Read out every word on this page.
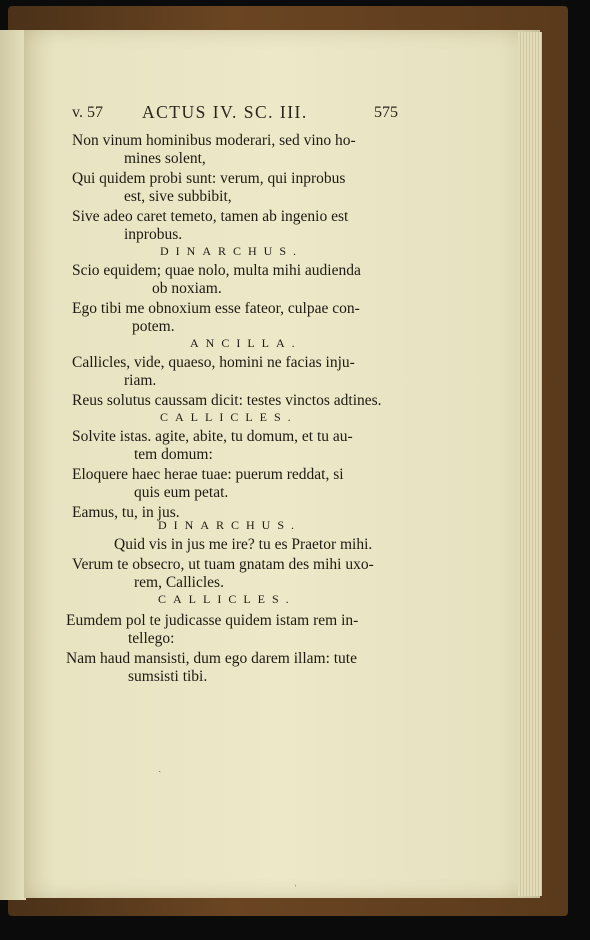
v. 57 ACTUS IV. SC. III.	575
Non vinum hominibus moderari, sed vino ho-
mines solent,
Qui quidem probi sunt: verum, qui inprobus
est, sive subbibit,
Sive adeo caret temeto, tamen ab ingenio est
inprobus.
DINARCHUS.
Scio equidem; quae nolo, multa mihi audienda
ob noxiam.
Ego tibi me obnoxium esse fateor, culpae con-
potem.
ANCILLA.
Callicles, vide, quaeso, homini ne facias inju-
riam.
Reus solutus caussam dicit: testes vinctos adtines.
CALLICLES.
Solvite istas. agite, abite, tu domum, et tu au-
tem domum:
Eloquere haec herae tuae: puerum reddat, si
quis eum petat.
Eamus, tu, in jus.
DINARCHUS.
Quid vis in jus me ire? tu es Praetor mihi.
Verum te obsecro, ut tuam gnatam des mihi uxo-
rem, Callicles.
CALLICLES.
Eumdem pol te judicasse quidem istam rem in-
tellego:
Nam haud mansisti, dum ego darem illam: tute
sumsisti tibi.
ˎ
ˌ
